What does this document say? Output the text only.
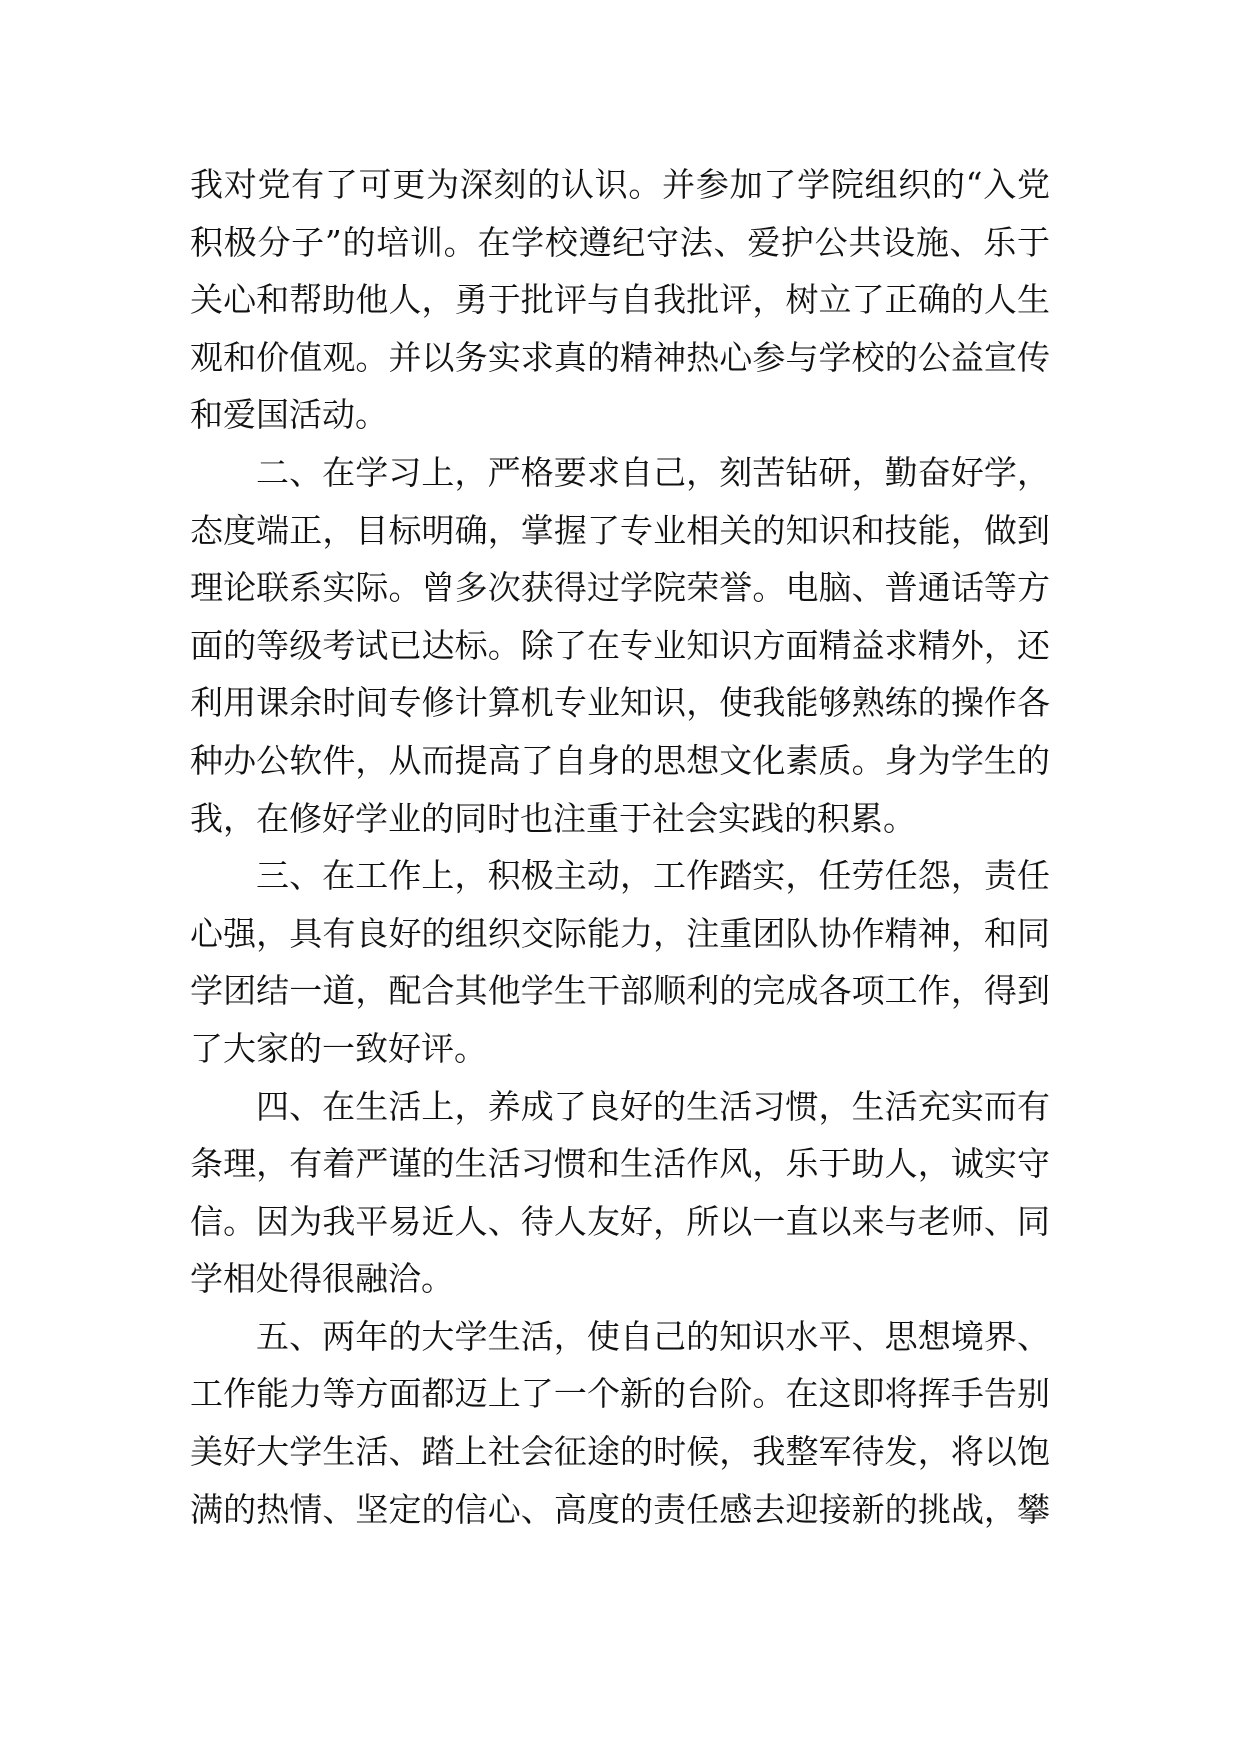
我对党有了可更为深刻的认识。并参加了学院组织的“入党
积极分子”的培训。在学校遵纪守法、爱护公共设施、乐于
关心和帮助他人，勇于批评与自我批评，树立了正确的人生
观和价值观。并以务实求真的精神热心参与学校的公益宣传
和爱国活动。
二、在学习上，严格要求自己，刻苦钻研，勤奋好学，
态度端正，目标明确，掌握了专业相关的知识和技能，做到
理论联系实际。曾多次获得过学院荣誉。电脑、普通话等方
面的等级考试已达标。除了在专业知识方面精益求精外，还
利用课余时间专修计算机专业知识，使我能够熟练的操作各
种办公软件，从而提高了自身的思想文化素质。身为学生的
我，在修好学业的同时也注重于社会实践的积累。
三、在工作上，积极主动，工作踏实，任劳任怨，责任
心强，具有良好的组织交际能力，注重团队协作精神，和同
学团结一道，配合其他学生干部顺利的完成各项工作，得到
了大家的一致好评。
四、在生活上，养成了良好的生活习惯，生活充实而有
条理，有着严谨的生活习惯和生活作风，乐于助人，诚实守
信。因为我平易近人、待人友好，所以一直以来与老师、同
学相处得很融洽。
五、两年的大学生活，使自己的知识水平、思想境界、
工作能力等方面都迈上了一个新的台阶。在这即将挥手告别
美好大学生活、踏上社会征途的时候，我整军待发，将以饱
满的热情、坚定的信心、高度的责任感去迎接新的挑战，攀
